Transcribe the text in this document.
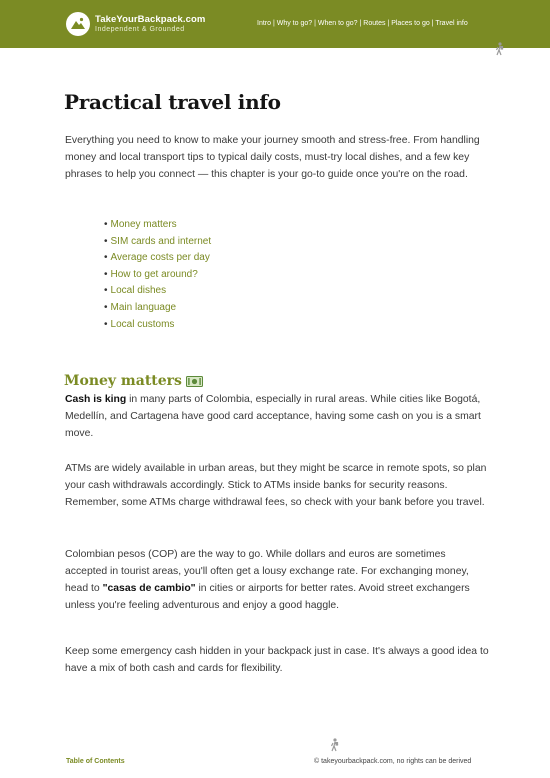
TakeYourBackpack.com
Independent & Grounded
Intro | Why to go? | When to go? | Routes | Places to go | Travel info
Practical travel info

Everything you need to know to make your journey smooth and stress-free. From handling money and local transport tips to typical daily costs, must-try local dishes, and a few key phrases to help you connect — this chapter is your go-to guide once you're on the road.

• Money matters
• SIM cards and internet
• Average costs per day
• How to get around?
• Local dishes
• Main language
• Local customs
Money matters

Cash is king in many parts of Colombia, especially in rural areas. While cities like Bogotá, Medellín, and Cartagena have good card acceptance, having some cash on you is a smart move.

ATMs are widely available in urban areas, but they might be scarce in remote spots, so plan your cash withdrawals accordingly. Stick to ATMs inside banks for security reasons. Remember, some ATMs charge withdrawal fees, so check with your bank before you travel.

Colombian pesos (COP) are the way to go. While dollars and euros are sometimes accepted in tourist areas, you'll often get a lousy exchange rate. For exchanging money, head to "casas de cambio" in cities or airports for better rates. Avoid street exchangers unless you're feeling adventurous and enjoy a good haggle.

Keep some emergency cash hidden in your backpack just in case. It's always a good idea to have a mix of both cash and cards for flexibility.

Table of Contents	© takeyourbackpack.com, no rights can be derived
